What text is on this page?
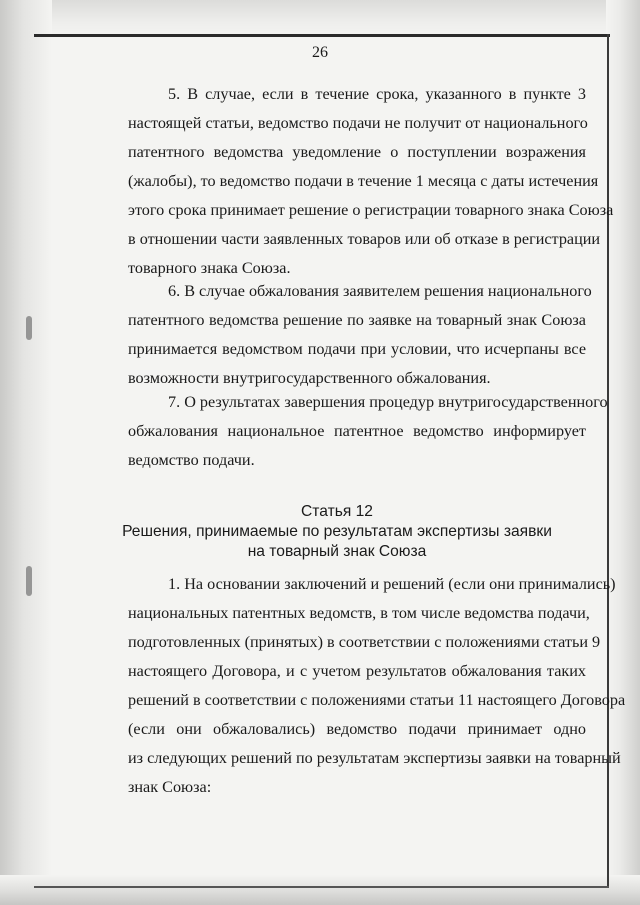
26
5. В случае, если в течение срока, указанного в пункте 3
настоящей статьи, ведомство подачи не получит от национального
патентного ведомства уведомление о поступлении возражения
(жалобы), то ведомство подачи в течение 1 месяца с даты истечения
этого срока принимает решение о регистрации товарного знака Союза
в отношении части заявленных товаров или об отказе в регистрации
товарного знака Союза.
6. В случае обжалования заявителем решения национального
патентного ведомства решение по заявке на товарный знак Союза
принимается ведомством подачи при условии, что исчерпаны все
возможности внутригосударственного обжалования.
7. О результатах завершения процедур внутригосударственного
обжалования национальное патентное ведомство информирует
ведомство подачи.
Статья 12
Решения, принимаемые по результатам экспертизы заявки
на товарный знак Союза
1. На основании заключений и решений (если они принимались)
национальных патентных ведомств, в том числе ведомства подачи,
подготовленных (принятых) в соответствии с положениями статьи 9
настоящего Договора, и с учетом результатов обжалования таких
решений в соответствии с положениями статьи 11 настоящего Договора
(если они обжаловались) ведомство подачи принимает одно
из следующих решений по результатам экспертизы заявки на товарный
знак Союза:
